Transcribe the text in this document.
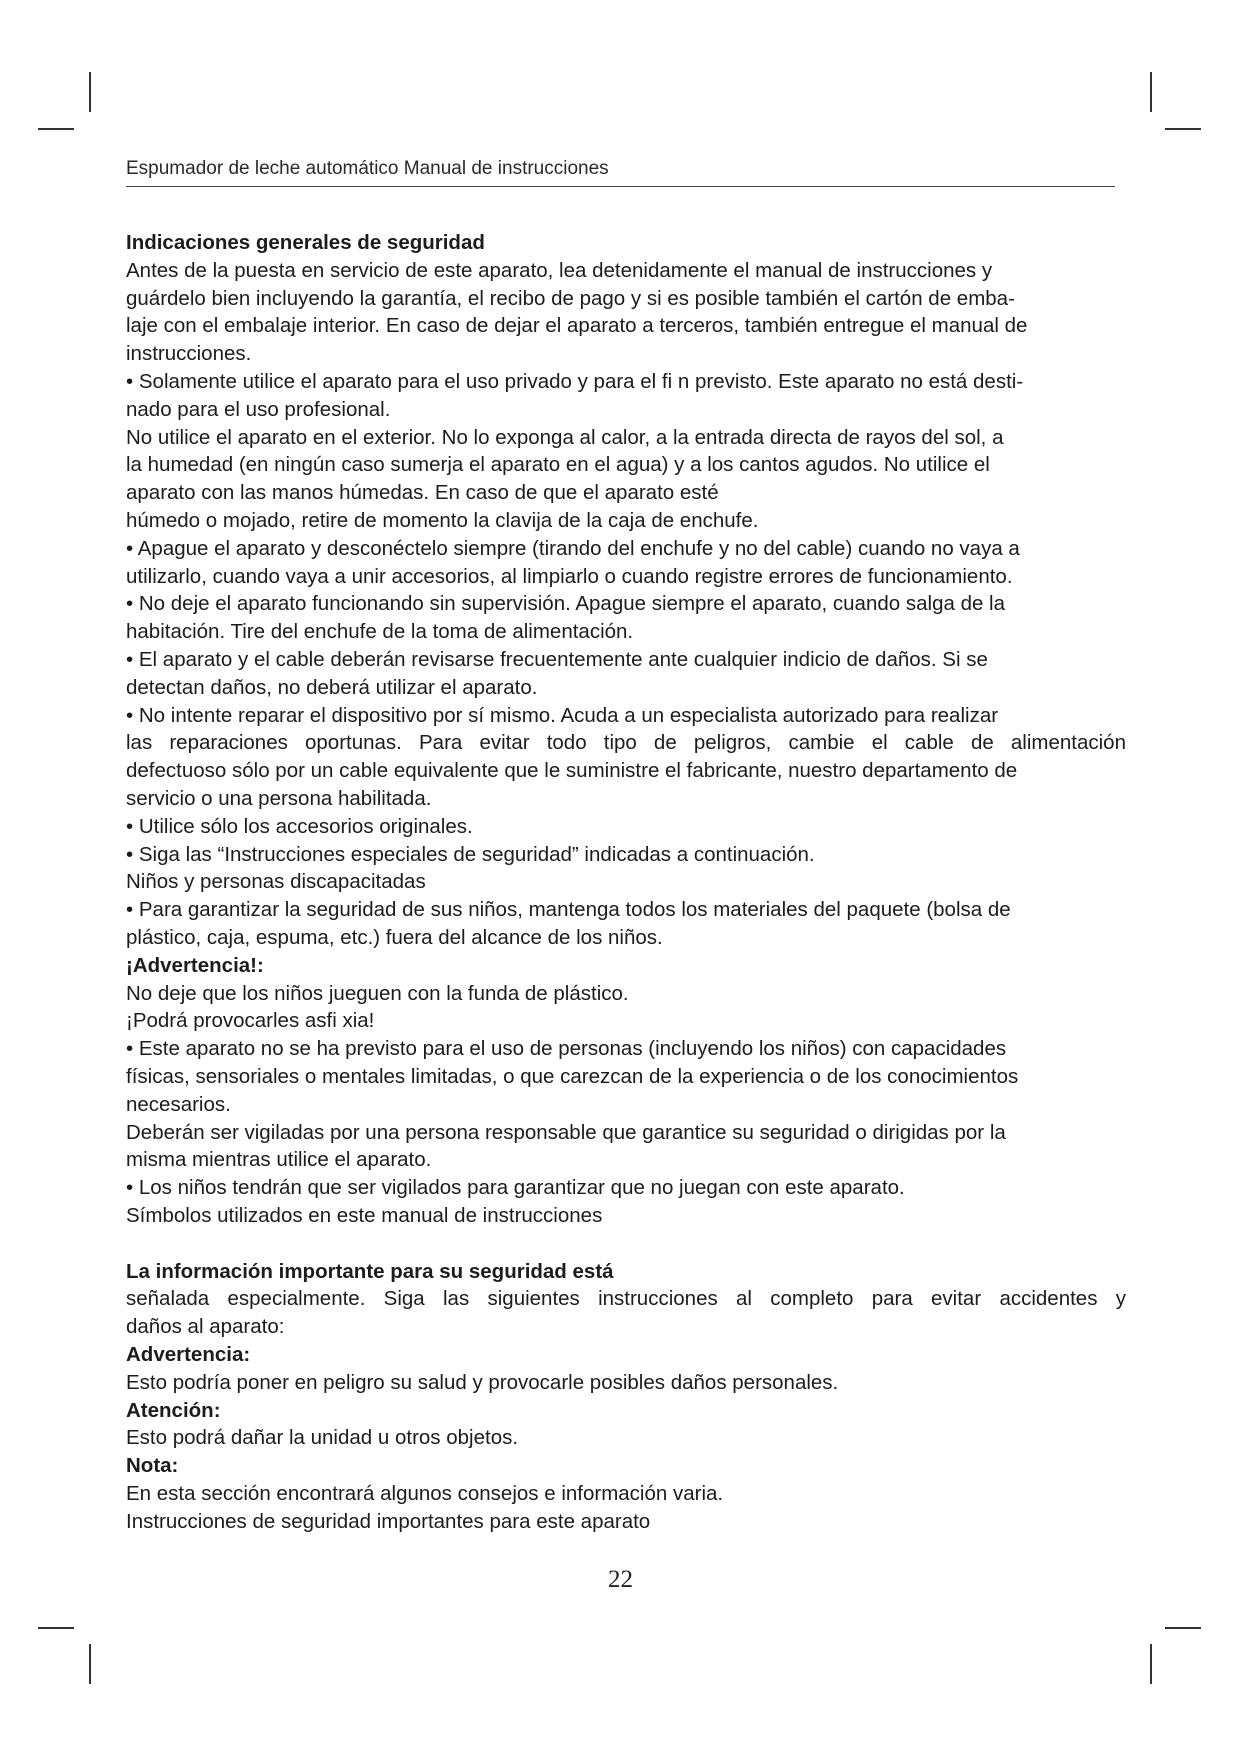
Espumador de leche automático Manual de instrucciones

Indicaciones generales de seguridad

Antes de la puesta en servicio de este aparato, lea detenidamente el manual de instrucciones y

guárdelo bien incluyendo la garantía, el recibo de pago y si es posible también el cartón de emba-

laje con el embalaje interior. En caso de dejar el aparato a terceros, también entregue el manual de

instrucciones.

• Solamente utilice el aparato para el uso privado y para el fi n previsto. Este aparato no está desti-

nado para el uso profesional.

No utilice el aparato en el exterior. No lo exponga al calor, a la entrada directa de rayos del sol, a

la humedad (en ningún caso sumerja el aparato en el agua) y a los cantos agudos. No utilice el

aparato con las manos húmedas. En caso de que el aparato esté

húmedo o mojado, retire de momento la clavija de la caja de enchufe.

• Apague el aparato y desconéctelo siempre (tirando del enchufe y no del cable) cuando no vaya a

utilizarlo, cuando vaya a unir accesorios, al limpiarlo o cuando registre errores de funcionamiento.

• No deje el aparato funcionando sin supervisión. Apague siempre el aparato, cuando salga de la

habitación. Tire del enchufe de la toma de alimentación.

• El aparato y el cable deberán revisarse frecuentemente ante cualquier indicio de daños. Si se

detectan daños, no deberá utilizar el aparato.

• No intente reparar el dispositivo por sí mismo. Acuda a un especialista autorizado para realizar

las reparaciones oportunas. Para evitar todo tipo de peligros, cambie el cable de alimentación

defectuoso sólo por un cable equivalente que le suministre el fabricante, nuestro departamento de

servicio o una persona habilitada.

• Utilice sólo los accesorios originales.

• Siga las “Instrucciones especiales de seguridad” indicadas a continuación.

Niños y personas discapacitadas

• Para garantizar la seguridad de sus niños, mantenga todos los materiales del paquete (bolsa de

plástico, caja, espuma, etc.) fuera del alcance de los niños.

¡Advertencia!:

No deje que los niños jueguen con la funda de plástico.

¡Podrá provocarles asfi xia!

• Este aparato no se ha previsto para el uso de personas (incluyendo los niños) con capacidades

físicas, sensoriales o mentales limitadas, o que carezcan de la experiencia o de los conocimientos

necesarios.

Deberán ser vigiladas por una persona responsable que garantice su seguridad o dirigidas por la

misma mientras utilice el aparato.

• Los niños tendrán que ser vigilados para garantizar que no juegan con este aparato.

Símbolos utilizados en este manual de instrucciones

La información importante para su seguridad está

señalada especialmente. Siga las siguientes instrucciones al completo para evitar accidentes y

daños al aparato:

Advertencia:

Esto podría poner en peligro su salud y provocarle posibles daños personales.

Atención:

Esto podrá dañar la unidad u otros objetos.

Nota:

En esta sección encontrará algunos consejos e información varia.

Instrucciones de seguridad importantes para este aparato

22
